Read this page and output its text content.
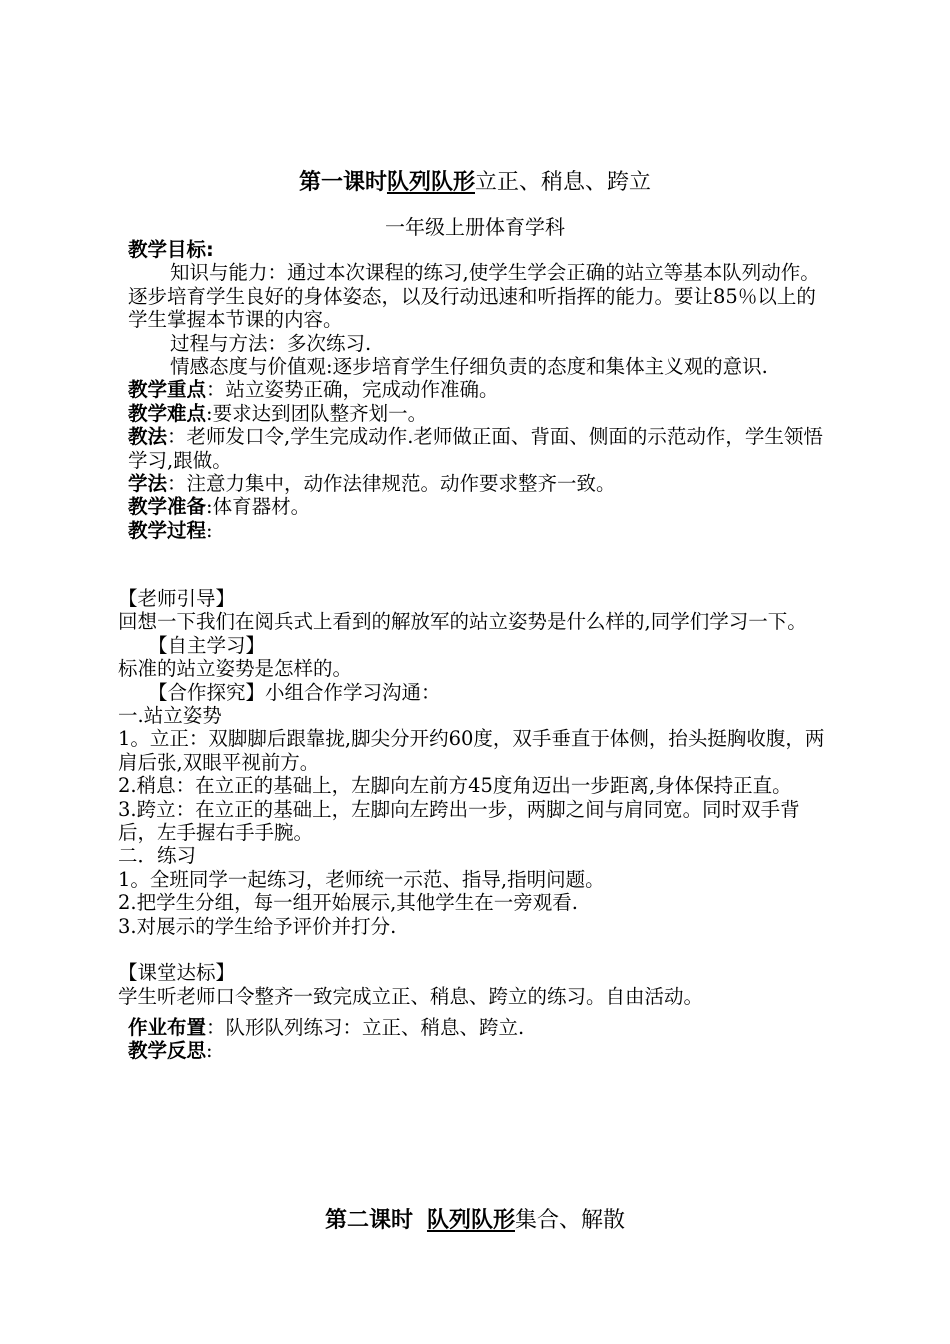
第一课时队列队形立正、稍息、跨立
一年级上册体育学科

教学目标:

知识与能力：通过本次课程的练习,使学生学会正确的站立等基本队列动作。逐步培育学生良好的身体姿态，以及行动迅速和听指挥的能力。要让85％以上的学生掌握本节课的内容。

过程与方法：多次练习.

情感态度与价值观:逐步培育学生仔细负责的态度和集体主义观的意识.

教学重点：站立姿势正确，完成动作准确。

教学难点:要求达到团队整齐划一。

教法：老师发口令,学生完成动作.老师做正面、背面、侧面的示范动作，学生领悟学习,跟做。

学法：注意力集中，动作法律规范。动作要求整齐一致。

教学准备:体育器材。

教学过程:

【老师引导】

回想一下我们在阅兵式上看到的解放军的站立姿势是什么样的,同学们学习一下。

【自主学习】

标准的站立姿势是怎样的。

【合作探究】小组合作学习沟通：

一.站立姿势

1。立正：双脚脚后跟靠拢,脚尖分开约60度，双手垂直于体侧，抬头挺胸收腹，两肩后张,双眼平视前方。

2.稍息：在立正的基础上，左脚向左前方45度角迈出一步距离,身体保持正直。

3.跨立：在立正的基础上，左脚向左跨出一步，两脚之间与肩同宽。同时双手背后，左手握右手手腕。

二．练习

1。全班同学一起练习，老师统一示范、指导,指明问题。

2.把学生分组，每一组开始展示,其他学生在一旁观看.

3.对展示的学生给予评价并打分.

【课堂达标】

学生听老师口令整齐一致完成立正、稍息、跨立的练习。自由活动。

作业布置：队形队列练习：立正、稍息、跨立.

教学反思:

第二课时 队列队形集合、解散
